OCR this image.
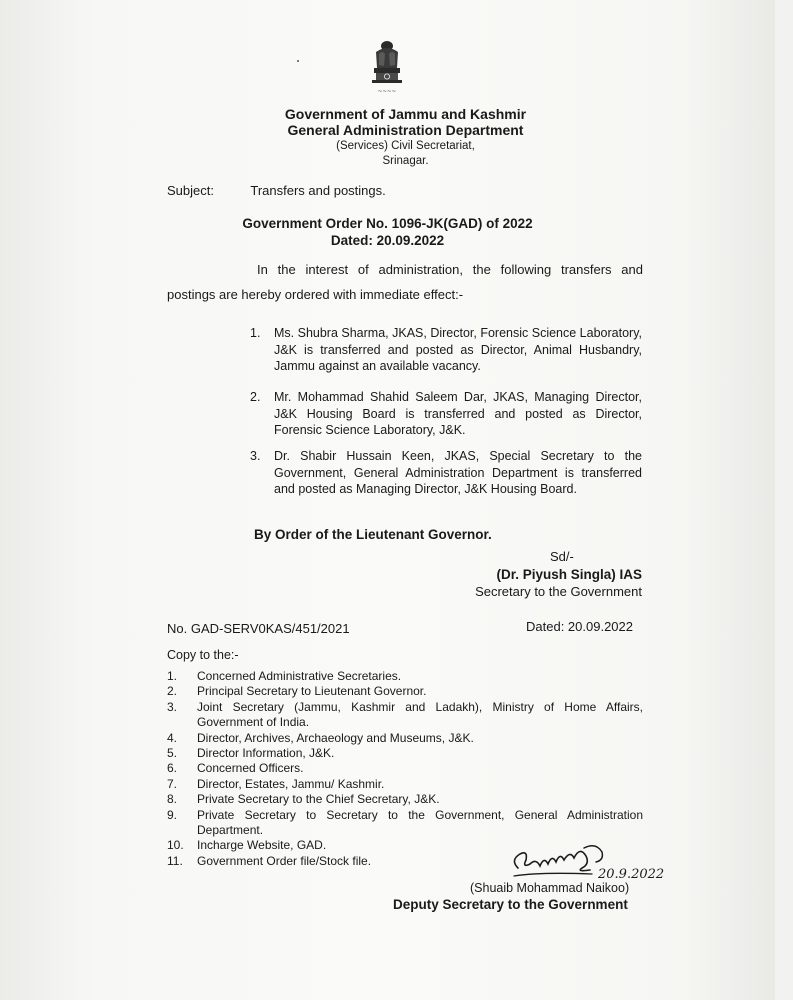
~~~~
Government of Jammu and Kashmir
General Administration Department
(Services) Civil Secretariat,
Srinagar.
Subject:	Transfers and postings.
Government Order No. 1096-JK(GAD) of 2022
Dated: 20.09.2022
In the interest of administration, the following transfers and
postings are hereby ordered with immediate effect:-
1. Ms. Shubra Sharma, JKAS, Director, Forensic Science Laboratory, J&K is transferred and posted as Director, Animal Husbandry, Jammu against an available vacancy.
2. Mr. Mohammad Shahid Saleem Dar, JKAS, Managing Director, J&K Housing Board is transferred and posted as Director, Forensic Science Laboratory, J&K.
3. Dr. Shabir Hussain Keen, JKAS, Special Secretary to the Government, General Administration Department is transferred and posted as Managing Director, J&K Housing Board.
By Order of the Lieutenant Governor.
Sd/-
(Dr. Piyush Singla) IAS
Secretary to the Government
No. GAD-SERV0KAS/451/2021	Dated: 20.09.2022
Copy to the:-
1.	Concerned Administrative Secretaries.
2.	Principal Secretary to Lieutenant Governor.
3.	Joint Secretary (Jammu, Kashmir and Ladakh), Ministry of Home Affairs, Government of India.
4.	Director, Archives, Archaeology and Museums, J&K.
5.	Director Information, J&K.
6.	Concerned Officers.
7.	Director, Estates, Jammu/ Kashmir.
8.	Private Secretary to the Chief Secretary, J&K.
9.	Private Secretary to Secretary to the Government, General Administration Department.
10.	Incharge Website, GAD.
11.	Government Order file/Stock file.
20.9.2022
(Shuaib Mohammad Naikoo)
Deputy Secretary to the Government
